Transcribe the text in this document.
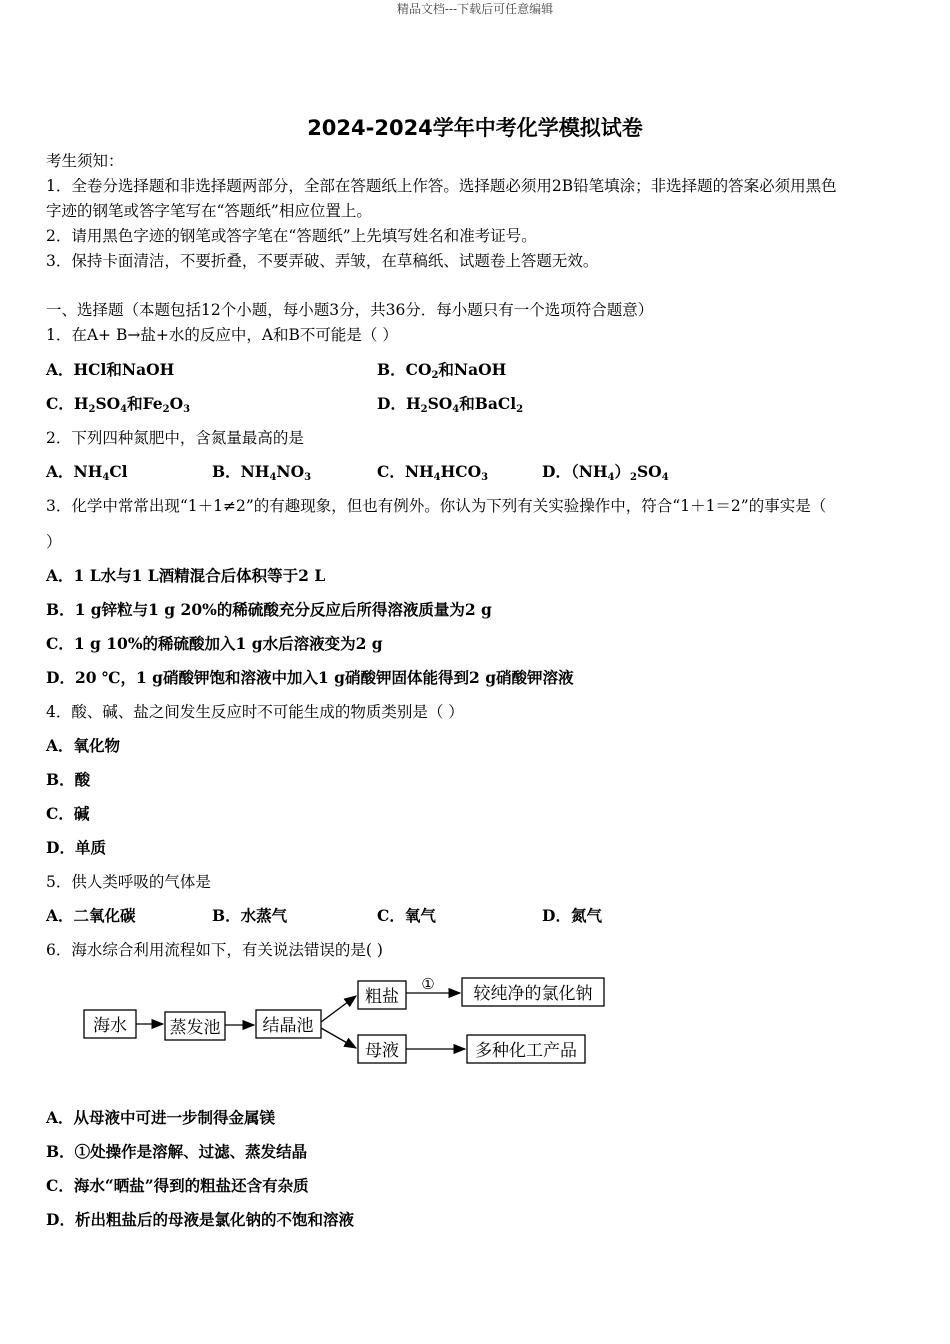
精品文档---下载后可任意编辑
2024-2024学年中考化学模拟试卷
考生须知：
1．全卷分选择题和非选择题两部分，全部在答题纸上作答。选择题必须用2B铅笔填涂；非选择题的答案必须用黑色
字迹的钢笔或答字笔写在“答题纸”相应位置上。
2．请用黑色字迹的钢笔或答字笔在“答题纸”上先填写姓名和准考证号。
3．保持卡面清洁，不要折叠，不要弄破、弄皱，在草稿纸、试题卷上答题无效。
一、选择题（本题包括12个小题，每小题3分，共36分．每小题只有一个选项符合题意）
1．在A+ B→盐+水的反应中，A和B不可能是（ ）
A．HCl和NaOH	B．$CO_2$和NaOH
C．$H_2SO_4$和$Fe_2O_3$	D．$H_2SO_4$和BaCl$_2$
2．下列四种氮肥中，含氮量最高的是
A．$NH_4Cl$	B．$NH_4NO_3$	C．$NH_4HCO_3$	D．$(NH_4)_2SO_4$
3．化学中常常出现“1＋1≠2”的有趣现象，但也有例外。你认为下列有关实验操作中，符合“1＋1＝2”的事实是（
）
A．1 L水与1 L酒精混合后体积等于2 L
B．1 g锌粒与1 g 20%的稀硫酸充分反应后所得溶液质量为2 g
C．1 g 10%的稀硫酸加入1 g水后溶液变为2 g
D．20 ℃，1 g硝酸钾饱和溶液中加入1 g硝酸钾固体能得到2 g硝酸钾溶液
4．酸、碱、盐之间发生反应时不可能生成的物质类别是（ ）
A．氧化物
B．酸
C．碱
D．单质
5．供人类呼吸的气体是
A．二氧化碳	B．水蒸气	C．氧气	D．氮气
6．海水综合利用流程如下，有关说法错误的是( )
海水	蒸发池 结晶池
粗盐
母液
较纯净的氯化钠
多种化工产品
①
A．从母液中可进一步制得金属镁
B．①处操作是溶解、过滤、蒸发结晶
C．海水“晒盐”得到的粗盐还含有杂质
D．析出粗盐后的母液是氯化钠的不饱和溶液
